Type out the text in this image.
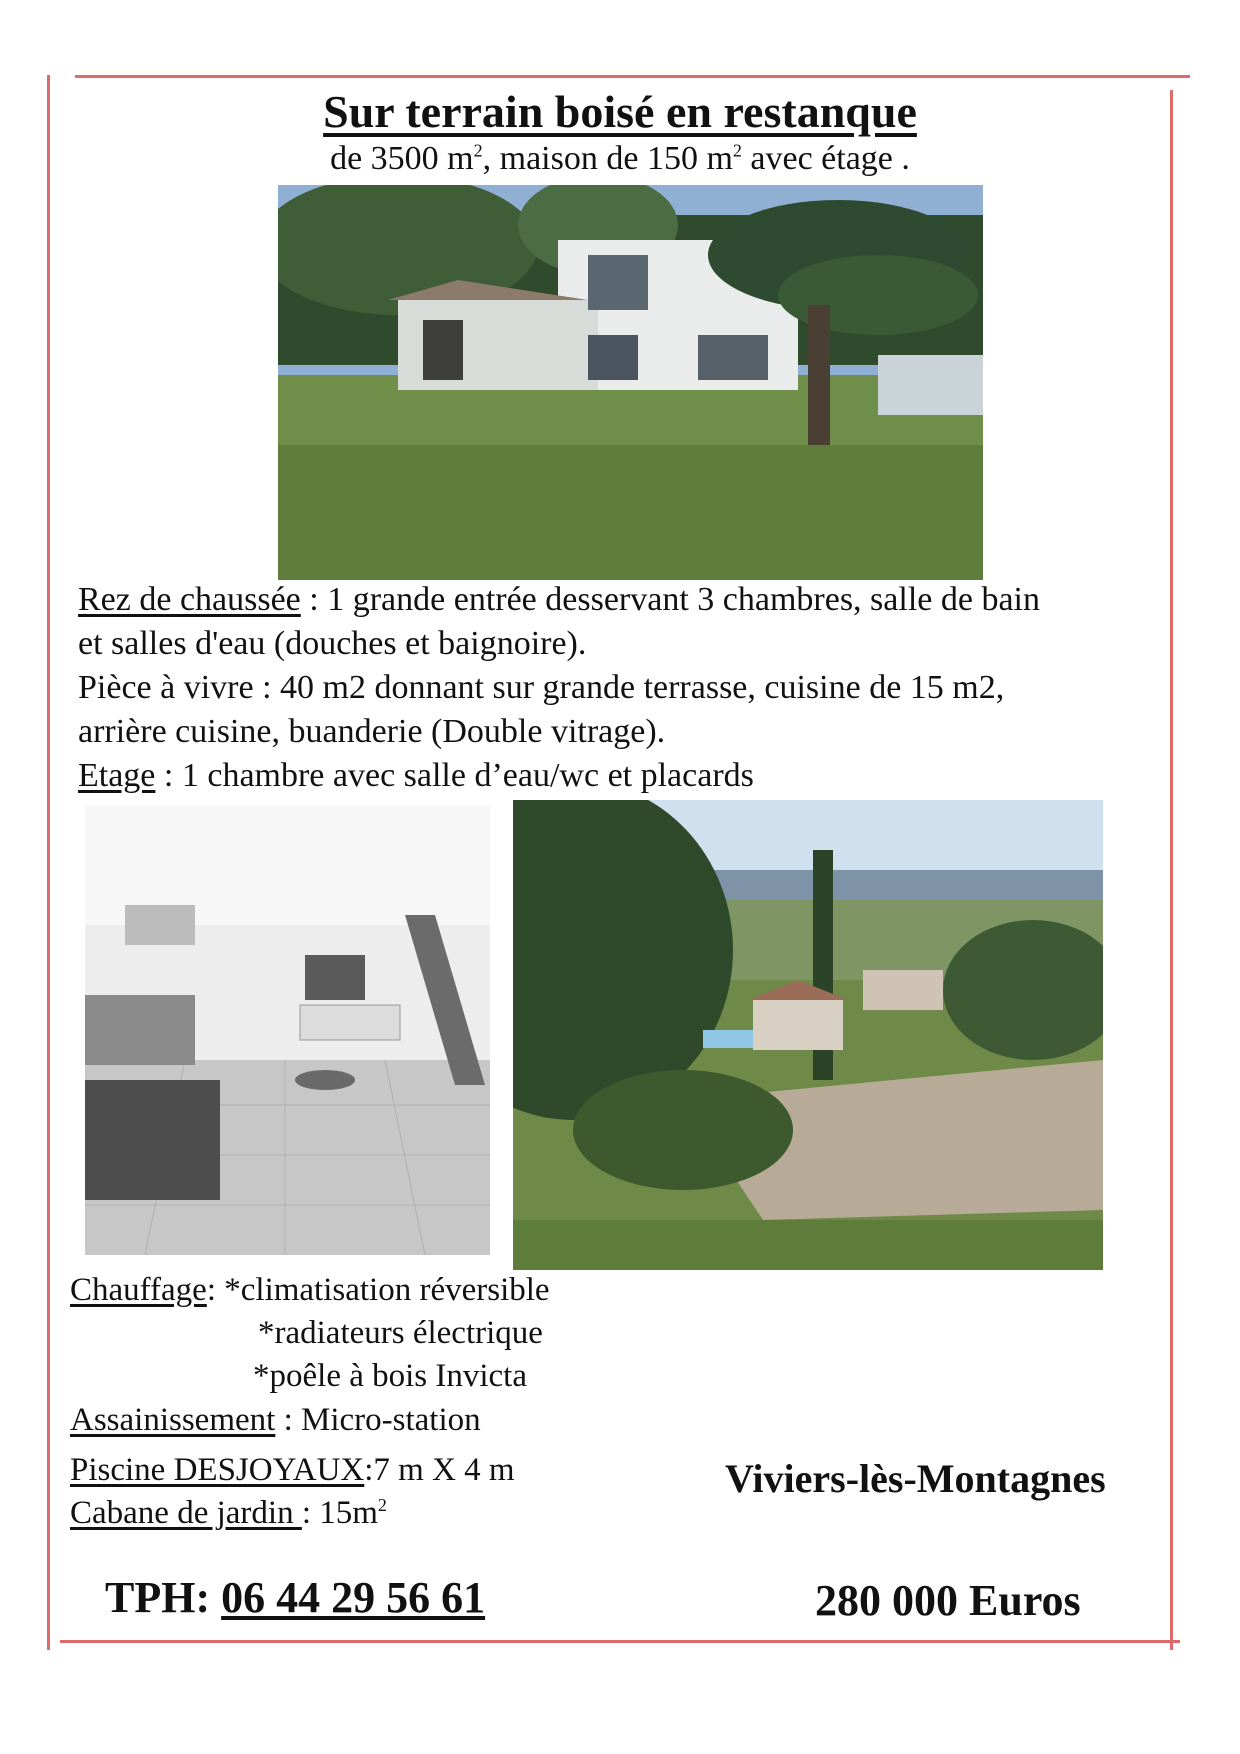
Sur terrain boisé en restanque
de 3500 $m^2$, maison de 150 $m^2$ avec étage .
Rez de chaussée : 1 grande entrée desservant 3 chambres, salle de bain
et salles d'eau (douches et baignoire).
Pièce à vivre : 40 m2 donnant sur grande terrasse, cuisine de 15 m2,
arrière cuisine, buanderie (Double vitrage).
Etage : 1 chambre avec salle d’eau/wc et placards
Chauffage: *climatisation réversible
*radiateurs électrique
*poêle à bois Invicta
Assainissement : Micro-station
Piscine DESJOYAUX:7 m X 4 m
Cabane de jardin : $15m^2$
Viviers-lès-Montagnes
TPH: 06 44 29 56 61	280 000 Euros
